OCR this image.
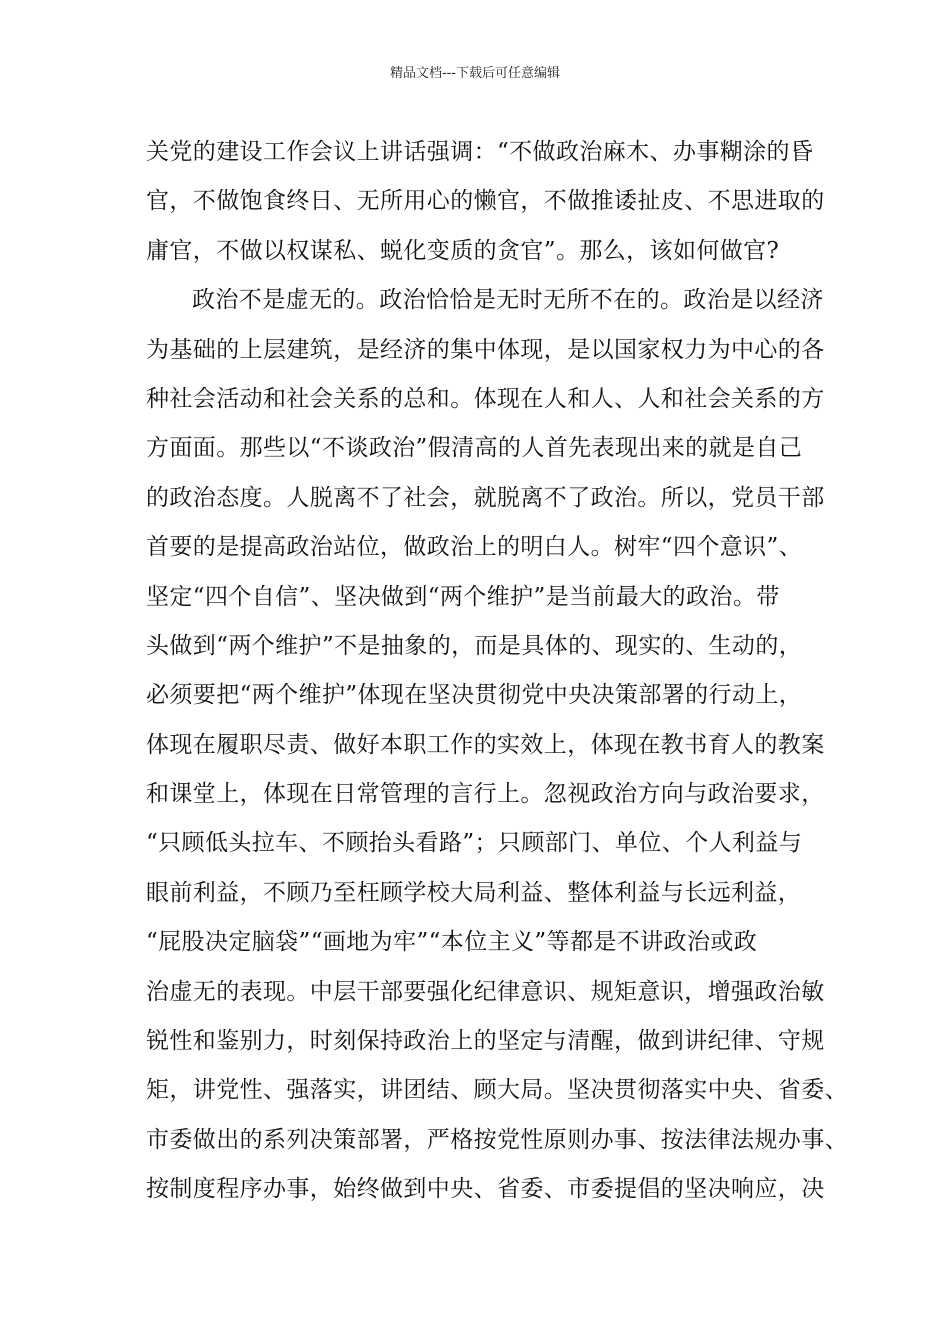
精品文档---下载后可任意编辑
关党的建设工作会议上讲话强调：“不做政治麻木、办事糊涂的昏
官，不做饱食终日、无所用心的懒官，不做推诿扯皮、不思进取的
庸官，不做以权谋私、蜕化变质的贪官”。那么，该如何做官?
政治不是虚无的。政治恰恰是无时无所不在的。政治是以经济
为基础的上层建筑，是经济的集中体现，是以国家权力为中心的各
种社会活动和社会关系的总和。体现在人和人、人和社会关系的方
方面面。那些以“不谈政治”假清高的人首先表现出来的就是自己
的政治态度。人脱离不了社会，就脱离不了政治。所以，党员干部
首要的是提高政治站位，做政治上的明白人。树牢“四个意识”、
坚定“四个自信”、坚决做到“两个维护”是当前最大的政治。带
头做到“两个维护”不是抽象的，而是具体的、现实的、生动的，
必须要把“两个维护”体现在坚决贯彻党中央决策部署的行动上，
体现在履职尽责、做好本职工作的实效上，体现在教书育人的教案
和课堂上，体现在日常管理的言行上。忽视政治方向与政治要求，
“只顾低头拉车、不顾抬头看路”；只顾部门、单位、个人利益与
眼前利益，不顾乃至枉顾学校大局利益、整体利益与长远利益，
“屁股决定脑袋”“画地为牢”“本位主义”等都是不讲政治或政
治虚无的表现。中层干部要强化纪律意识、规矩意识，增强政治敏
锐性和鉴别力，时刻保持政治上的坚定与清醒，做到讲纪律、守规
矩，讲党性、强落实，讲团结、顾大局。坚决贯彻落实中央、省委、
市委做出的系列决策部署，严格按党性原则办事、按法律法规办事、
按制度程序办事，始终做到中央、省委、市委提倡的坚决响应，决
